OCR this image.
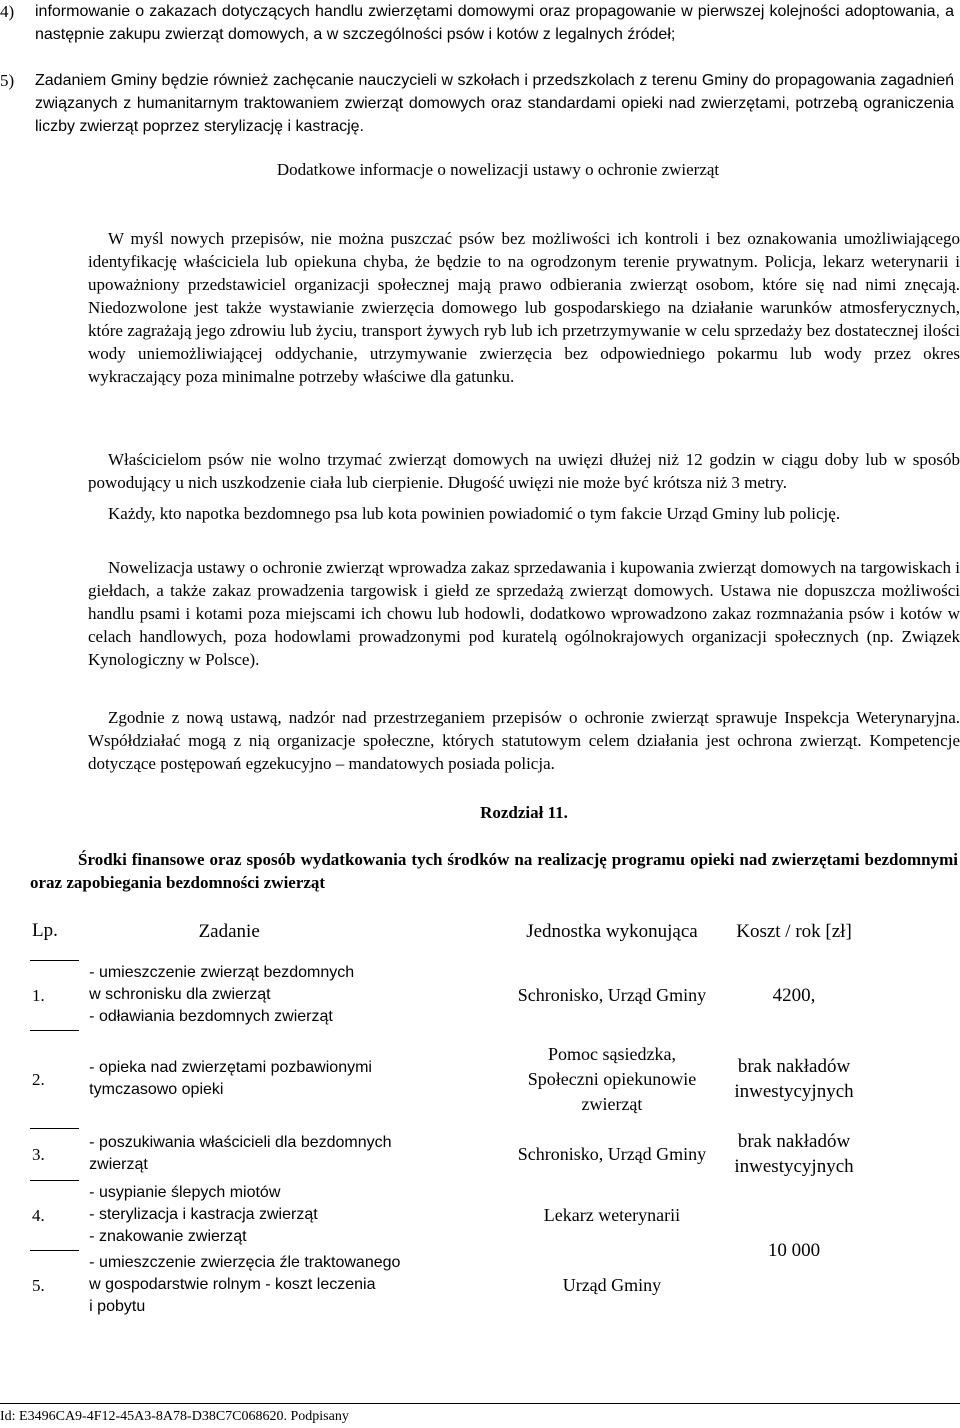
4)	informowanie o zakazach dotyczących handlu zwierzętami domowymi oraz propagowanie w pierwszej kolejności adoptowania, a następnie zakupu zwierząt domowych, a w szczególności psów i kotów z legalnych źródeł;

5)	Zadaniem Gminy będzie również zachęcanie nauczycieli w szkołach i przedszkolach z terenu Gminy do propagowania zagadnień związanych z humanitarnym traktowaniem zwierząt domowych oraz standardami opieki nad zwierzętami, potrzebą ograniczenia liczby zwierząt poprzez sterylizację i kastrację.

Dodatkowe informacje o nowelizacji ustawy o ochronie zwierząt

W myśl nowych przepisów, nie można puszczać psów bez możliwości ich kontroli i bez oznakowania umożliwiającego identyfikację właściciela lub opiekuna chyba, że będzie to na ogrodzonym terenie prywatnym. Policja, lekarz weterynarii i upoważniony przedstawiciel organizacji społecznej mają prawo odbierania zwierząt osobom, które się nad nimi znęcają. Niedozwolone jest także wystawianie zwierzęcia domowego lub gospodarskiego na działanie warunków atmosferycznych, które zagrażają jego zdrowiu lub życiu, transport żywych ryb lub ich przetrzymywanie w celu sprzedaży bez dostatecznej ilości wody uniemożliwiającej oddychanie, utrzymywanie zwierzęcia bez odpowiedniego pokarmu lub wody przez okres wykraczający poza minimalne potrzeby właściwe dla gatunku.

Właścicielom psów nie wolno trzymać zwierząt domowych na uwięzi dłużej niż 12 godzin w ciągu doby lub w sposób powodujący u nich uszkodzenie ciała lub cierpienie. Długość uwięzi nie może być krótsza niż 3 metry.

Każdy, kto napotka bezdomnego psa lub kota powinien powiadomić o tym fakcie Urząd Gminy lub policję.

Nowelizacja ustawy o ochronie zwierząt wprowadza zakaz sprzedawania i kupowania zwierząt domowych na targowiskach i giełdach, a także zakaz prowadzenia targowisk i giełd ze sprzedażą zwierząt domowych. Ustawa nie dopuszcza możliwości handlu psami i kotami poza miejscami ich chowu lub hodowli, dodatkowo wprowadzono zakaz rozmnażania psów i kotów w celach handlowych, poza hodowlami prowadzonymi pod kuratelą ogólnokrajowych organizacji społecznych (np. Związek Kynologiczny w Polsce).

Zgodnie z nową ustawą, nadzór nad przestrzeganiem przepisów o ochronie zwierząt sprawuje Inspekcja Weterynaryjna. Współdziałać mogą z nią organizacje społeczne, których statutowym celem działania jest ochrona zwierząt. Kompetencje dotyczące postępowań egzekucyjno – mandatowych posiada policja.

Rozdział 11.

Środki finansowe oraz sposób wydatkowania tych środków na realizację programu opieki nad zwierzętami bezdomnymi oraz zapobiegania bezdomności zwierząt

Lp.	Zadanie	Jednostka wykonująca	Koszt / rok [zł]
1.	- umieszczenie zwierząt bezdomnych
w schronisku dla zwierząt
- odławiania bezdomnych zwierząt	Schronisko, Urząd Gminy	4200,
2.	- opieka nad zwierzętami pozbawionymi
tymczasowo opieki	Pomoc sąsiedzka, Społeczni opiekunowie zwierząt	brak nakładów inwestycyjnych
3.	- poszukiwania właścicieli dla bezdomnych
zwierząt	Schronisko, Urząd Gminy	brak nakładów inwestycyjnych
4.	- usypianie ślepych miotów
- sterylizacja i kastracja zwierząt
- znakowanie zwierząt	Lekarz weterynarii	10 000
5.	- umieszczenie zwierzęcia źle traktowanego
w gospodarstwie rolnym - koszt leczenia
i pobytu	Urząd Gminy	
Id: E3496CA9-4F12-45A3-8A78-D38C7C068620. Podpisany
